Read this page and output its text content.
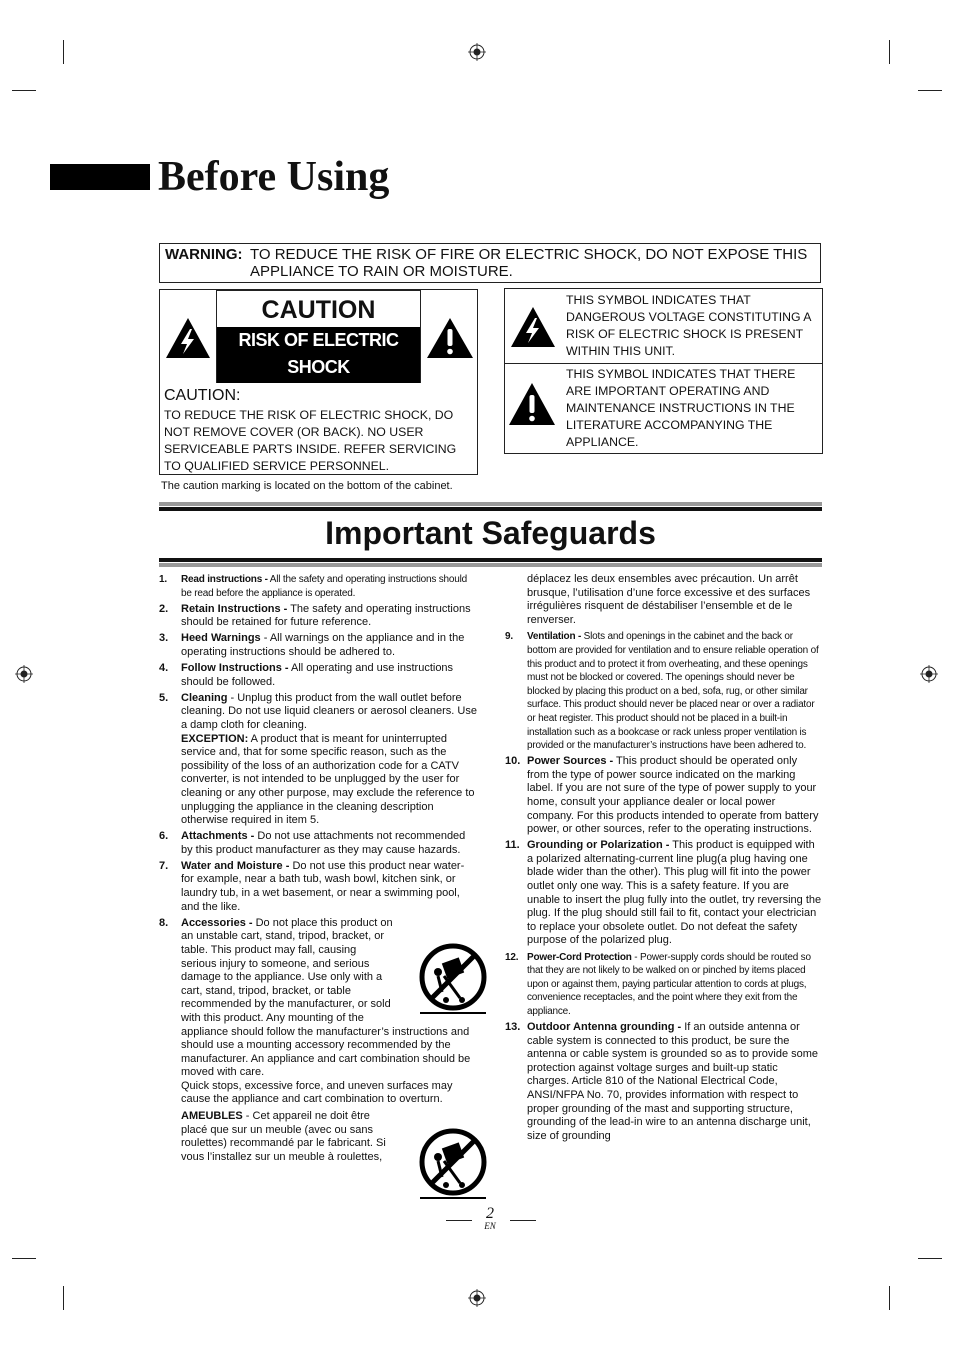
Before Using
WARNING: TO REDUCE THE RISK OF FIRE OR ELECTRIC SHOCK, DO NOT EXPOSE THIS
APPLIANCE TO RAIN OR MOISTURE.
CAUTION
RISK OF ELECTRIC SHOCK
DO NOT OPEN
CAUTION:
TO REDUCE THE RISK OF ELECTRIC SHOCK, DO NOT REMOVE COVER (OR BACK). NO USER SERVICEABLE PARTS INSIDE. REFER SERVICING TO QUALIFIED SERVICE PERSONNEL.
The caution marking is located on the bottom of the cabinet.
THIS SYMBOL INDICATES THAT DANGEROUS VOLTAGE CONSTITUTING A RISK OF ELECTRIC SHOCK IS PRESENT WITHIN THIS UNIT.
THIS SYMBOL INDICATES THAT THERE ARE IMPORTANT OPERATING AND MAINTENANCE INSTRUCTIONS IN THE LITERATURE ACCOMPANYING THE APPLIANCE.
Important Safeguards
1. Read instructions - All the safety and operating instructions should be read before the appliance is operated.
2. Retain Instructions - The safety and operating instructions should be retained for future reference.
3. Heed Warnings - All warnings on the appliance and in the operating instructions should be adhered to.
4. Follow Instructions - All operating and use instructions should be followed.
5. Cleaning - Unplug this product from the wall outlet before cleaning. Do not use liquid cleaners or aerosol cleaners. Use a damp cloth for cleaning.
EXCEPTION: A product that is meant for uninterrupted service and, that for some specific reason, such as the possibility of the loss of an authorization code for a CATV converter, is not intended to be unplugged by the user for cleaning or any other purpose, may exclude the reference to unplugging the appliance in the cleaning description otherwise required in item 5.
6. Attachments - Do not use attachments not recommended by this product manufacturer as they may cause hazards.
7. Water and Moisture - Do not use this product near water-for example, near a bath tub, wash bowl, kitchen sink, or laundry tub, in a wet basement, or near a swimming pool, and the like.
8. Accessories - Do not place this product on an unstable cart, stand, tripod, bracket, or table. This product may fall, causing serious injury to someone, and serious damage to the appliance. Use only with a cart, stand, tripod, bracket, or table recommended by the manufacturer, or sold with this product. Any mounting of the appliance should follow the manufacturer’s instructions and should use a mounting accessory recommended by the manufacturer. An appliance and cart combination should be moved with care.
Quick stops, excessive force, and uneven surfaces may cause the appliance and cart combination to overturn.
AMEUBLES - Cet appareil ne doit être placé que sur un meuble (avec ou sans roulettes) recommandé par le fabricant. Si vous l’installez sur un meuble à roulettes,
déplacez les deux ensembles avec précaution. Un arrêt brusque, l’utilisation d’une force excessive et des surfaces irrégulières risquent de déstabiliser l’ensemble et de le renverser.
9. Ventilation - Slots and openings in the cabinet and the back or bottom are provided for ventilation and to ensure reliable operation of this product and to protect it from overheating, and these openings must not be blocked or covered. The openings should never be blocked by placing this product on a bed, sofa, rug, or other similar surface. This product should never be placed near or over a radiator or heat register. This product should not be placed in a built-in installation such as a bookcase or rack unless proper ventilation is provided or the manufacturer’s instructions have been adhered to.
10. Power Sources - This product should be operated only from the type of power source indicated on the marking label. If you are not sure of the type of power supply to your home, consult your appliance dealer or local power company. For this products intended to operate from battery power, or other sources, refer to the operating instructions.
11. Grounding or Polarization - This product is equipped with a polarized alternating-current line plug(a plug having one blade wider than the other). This plug will fit into the power outlet only one way. This is a safety feature. If you are unable to insert the plug fully into the outlet, try reversing the plug. If the plug should still fail to fit, contact your electrician to replace your obsolete outlet. Do not defeat the safety purpose of the polarized plug.
12. Power-Cord Protection - Power-supply cords should be routed so that they are not likely to be walked on or pinched by items placed upon or against them, paying particular attention to cords at plugs, convenience receptacles, and the point where they exit from the appliance.
13. Outdoor Antenna grounding - If an outside antenna or cable system is connected to this product, be sure the antenna or cable system is grounded so as to provide some protection against voltage surges and built-up static charges. Article 810 of the National Electrical Code, ANSI/NFPA No. 70, provides information with respect to proper grounding of the mast and supporting structure, grounding of the lead-in wire to an antenna discharge unit, size of grounding
2
EN
